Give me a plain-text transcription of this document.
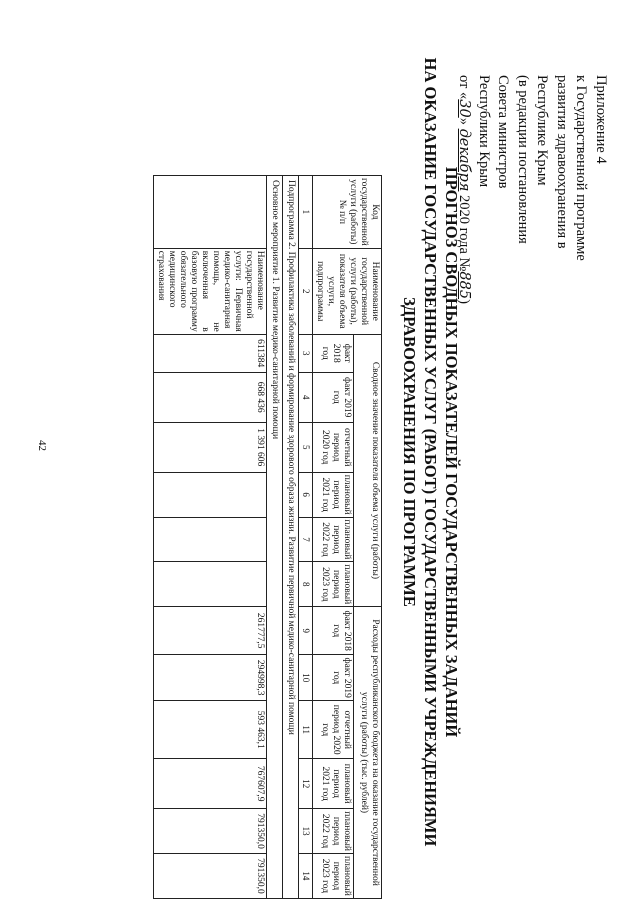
Приложение 4
к Государственной программе
развития здравоохранения в
Республике Крым
(в редакции постановления
Совета министров
Республики Крым
от «30» декабря 2020 года №885)
ПРОГНОЗ СВОДНЫХ ПОКАЗАТЕЛЕЙ ГОСУДАРСТВЕННЫХ ЗАДАНИЙ
НА ОКАЗАНИЕ ГОСУДАРСТВЕННЫХ УСЛУГ (РАБОТ) ГОСУДАРСТВЕННЫМИ УЧРЕЖДЕНИЯМИ
ЗДРАВООХРАНЕНИЯ ПО ПРОГРАММЕ
Код государственной услуги (работы) № п/п	Наименование государственной услуги (работы), показателя объема услуги, подпрограммы	Сводное значение показателя объема услуги (работы)						Расходы республиканского бюджета на оказание государственной услуги (работы) (тыс. рублей)					
		факт 2018 год	факт 2019 год	отчетный период 2020 год	плановый период 2021 год	плановый период 2022 год	плановый период 2023 год	факт 2018 год	факт 2019 год	отчетный период 2020 год	плановый период 2021 год	плановый период 2022 год	плановый период 2023 год
1	2	3	4	5	6	7	8	9	10	11	12	13	14
Подпрограмма 2. Профилактика заболеваний и формирование здорового образа жизни. Развитие первичной медико-санитарной помощи													
Основное мероприятие 1. Развитие медико-санитарной помощи													
	Наименование государственной услуги: Первичная медико-санитарная помощь, не включенная в базовую программу обязательного медицинского страхования	611384	668 436	1 391 606				261777,5	294998,3	593 463,1	767607,9	791350,0	791350,0
42
